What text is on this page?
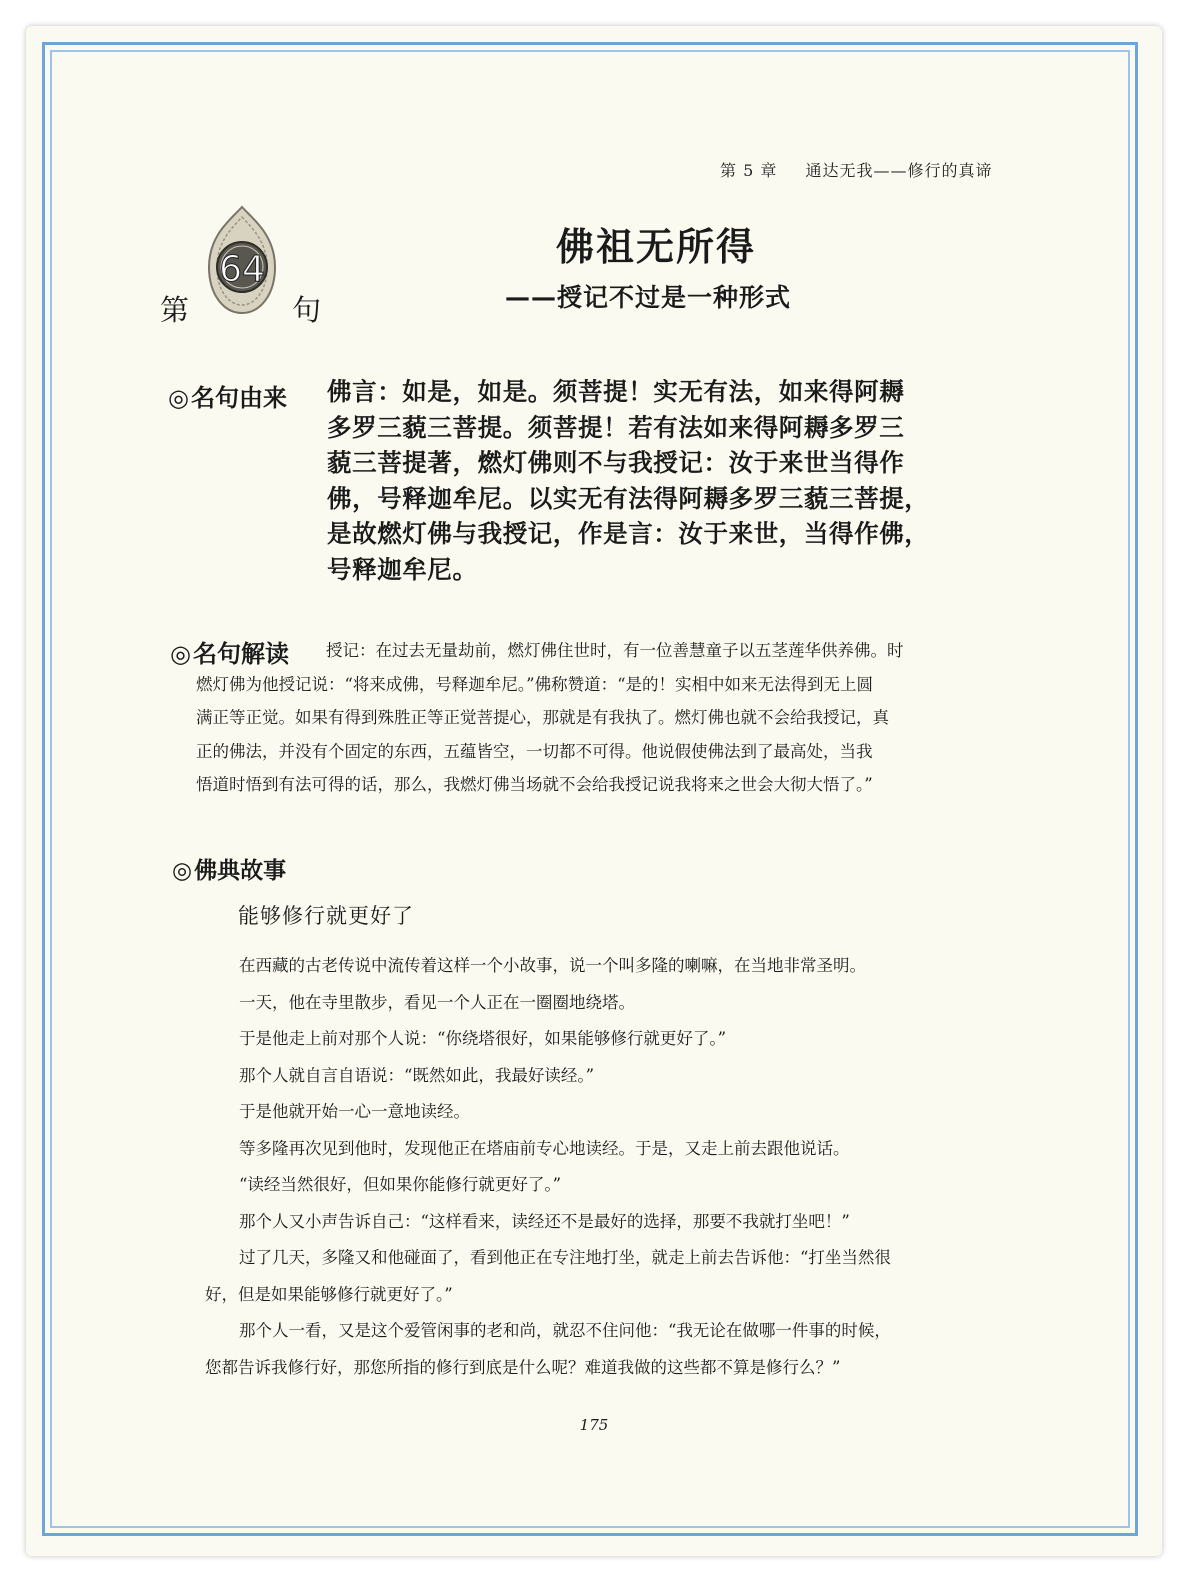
第 5 章 通达无我——修行的真谛
64
第	句
佛祖无所得
——授记不过是一种形式
◎名句由来 佛言：如是，如是。须菩提！实无有法，如来得阿耨

多罗三藐三菩提。须菩提！若有法如来得阿耨多罗三

藐三菩提著，燃灯佛则不与我授记：汝于来世当得作

佛，号释迦牟尼。以实无有法得阿耨多罗三藐三菩提，

是故燃灯佛与我授记，作是言：汝于来世，当得作佛，

号释迦牟尼。

◎名句解读	授记：在过去无量劫前，燃灯佛住世时，有一位善慧童子以五茎莲华供养佛。时

燃灯佛为他授记说：“将来成佛，号释迦牟尼。”佛称赞道：“是的！实相中如来无法得到无上圆

满正等正觉。如果有得到殊胜正等正觉菩提心，那就是有我执了。燃灯佛也就不会给我授记，真

正的佛法，并没有个固定的东西，五蕴皆空，一切都不可得。他说假使佛法到了最高处，当我

悟道时悟到有法可得的话，那么，我燃灯佛当场就不会给我授记说我将来之世会大彻大悟了。”

◎佛典故事
能够修行就更好了

在西藏的古老传说中流传着这样一个小故事，说一个叫多隆的喇嘛，在当地非常圣明。

一天，他在寺里散步，看见一个人正在一圈圈地绕塔。

于是他走上前对那个人说：“你绕塔很好，如果能够修行就更好了。”

那个人就自言自语说：“既然如此，我最好读经。”

于是他就开始一心一意地读经。

等多隆再次见到他时，发现他正在塔庙前专心地读经。于是，又走上前去跟他说话。

“读经当然很好，但如果你能修行就更好了。”

那个人又小声告诉自己：“这样看来，读经还不是最好的选择，那要不我就打坐吧！”

过了几天，多隆又和他碰面了，看到他正在专注地打坐，就走上前去告诉他：“打坐当然很

好，但是如果能够修行就更好了。”

那个人一看，又是这个爱管闲事的老和尚，就忍不住问他：“我无论在做哪一件事的时候，

您都告诉我修行好，那您所指的修行到底是什么呢？难道我做的这些都不算是修行么？”

175
